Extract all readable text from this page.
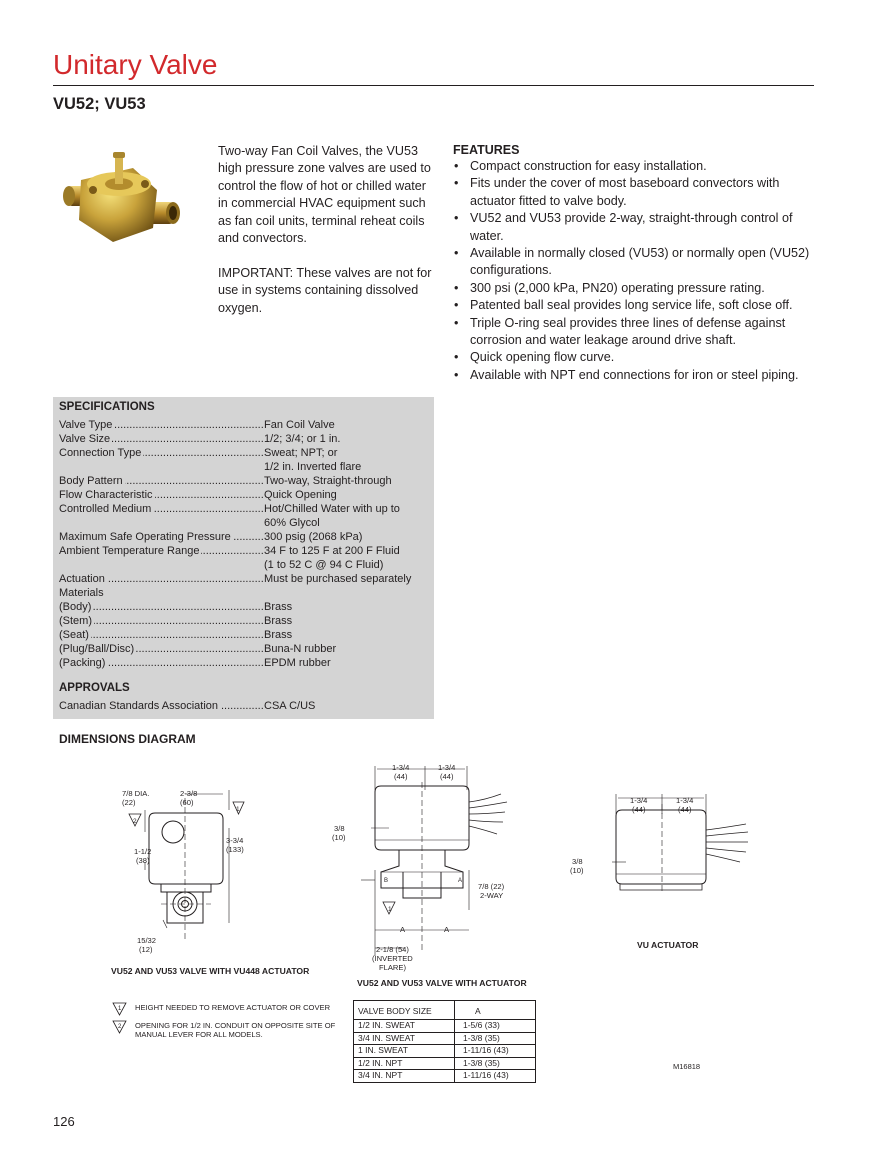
Unitary Valve
VU52; VU53

Two-way Fan Coil Valves, the VU53 high pressure zone valves are used to control the flow of hot or chilled water in commercial HVAC equipment such as fan coil units, terminal reheat coils and convectors.

IMPORTANT: These valves are not for use in systems containing dissolved oxygen.

FEATURES
• Compact construction for easy installation.
• Fits under the cover of most baseboard convectors with actuator fitted to valve body.
• VU52 and VU53 provide 2-way, straight-through control of water.
• Available in normally closed (VU53) or normally open (VU52) configurations.
• 300 psi (2,000 kPa, PN20) operating pressure rating.
• Patented ball seal provides long service life, soft close off.
• Triple O-ring seal provides three lines of defense against corrosion and water leakage around drive shaft.
• Quick opening flow curve.
• Available with NPT end connections for iron or steel piping.
SPECIFICATIONS
Valve Type .....	Fan Coil Valve
Valve Size .....	1/2; 3/4; or 1 in.
Connection Type .....	Sweat; NPT; or
1/2 in. Inverted flare
Body Pattern .....	Two-way, Straight-through
Flow Characteristic .....	Quick Opening
Controlled Medium .....	Hot/Chilled Water with up to
60% Glycol
Maximum Safe Operating Pressure .....	300 psig (2068 kPa)
Ambient Temperature Range .....	34 F to 125 F at 200 F Fluid
(1 to 52 C @ 94 C Fluid)
Actuation .....	Must be purchased separately
Materials
(Body) .....	Brass
(Stem) .....	Brass
(Seat) .....	Brass
(Plug/Ball/Disc) .....	Buna-N rubber
(Packing) .....	EPDM rubber
APPROVALS
Canadian Standards Association .....	CSA C/US
DIMENSIONS DIAGRAM
7/8 DIA.
(22)
2-3/8
(60)
3-3/4
(133)
1-1/2
(38)
15/32
(12)
1
2
VU52 AND VU53 VALVE WITH VU448 ACTUATOR
1-3/4
(44)
1-3/4
(44)
3/8
(10)
7/8 (22)
2-WAY
B	A
A	A
1
2-1/8 (54)
(INVERTED
FLARE)
VU52 AND VU53 VALVE WITH ACTUATOR
1-3/4
(44)
1-3/4
(44)
3/8
(10)
VU ACTUATOR
1 HEIGHT NEEDED TO REMOVE ACTUATOR OR COVER
2 OPENING FOR 1/2 IN. CONDUIT ON OPPOSITE SITE OF MANUAL LEVER FOR ALL MODELS.
VALVE BODY SIZE	A
1/2 IN. SWEAT	1-5/6 (33)
3/4 IN. SWEAT	1-3/8 (35)
1 IN. SWEAT	1-11/16 (43)
1/2 IN. NPT	1-3/8 (35)
3/4 IN. NPT	1-11/16 (43)
M16818
126
